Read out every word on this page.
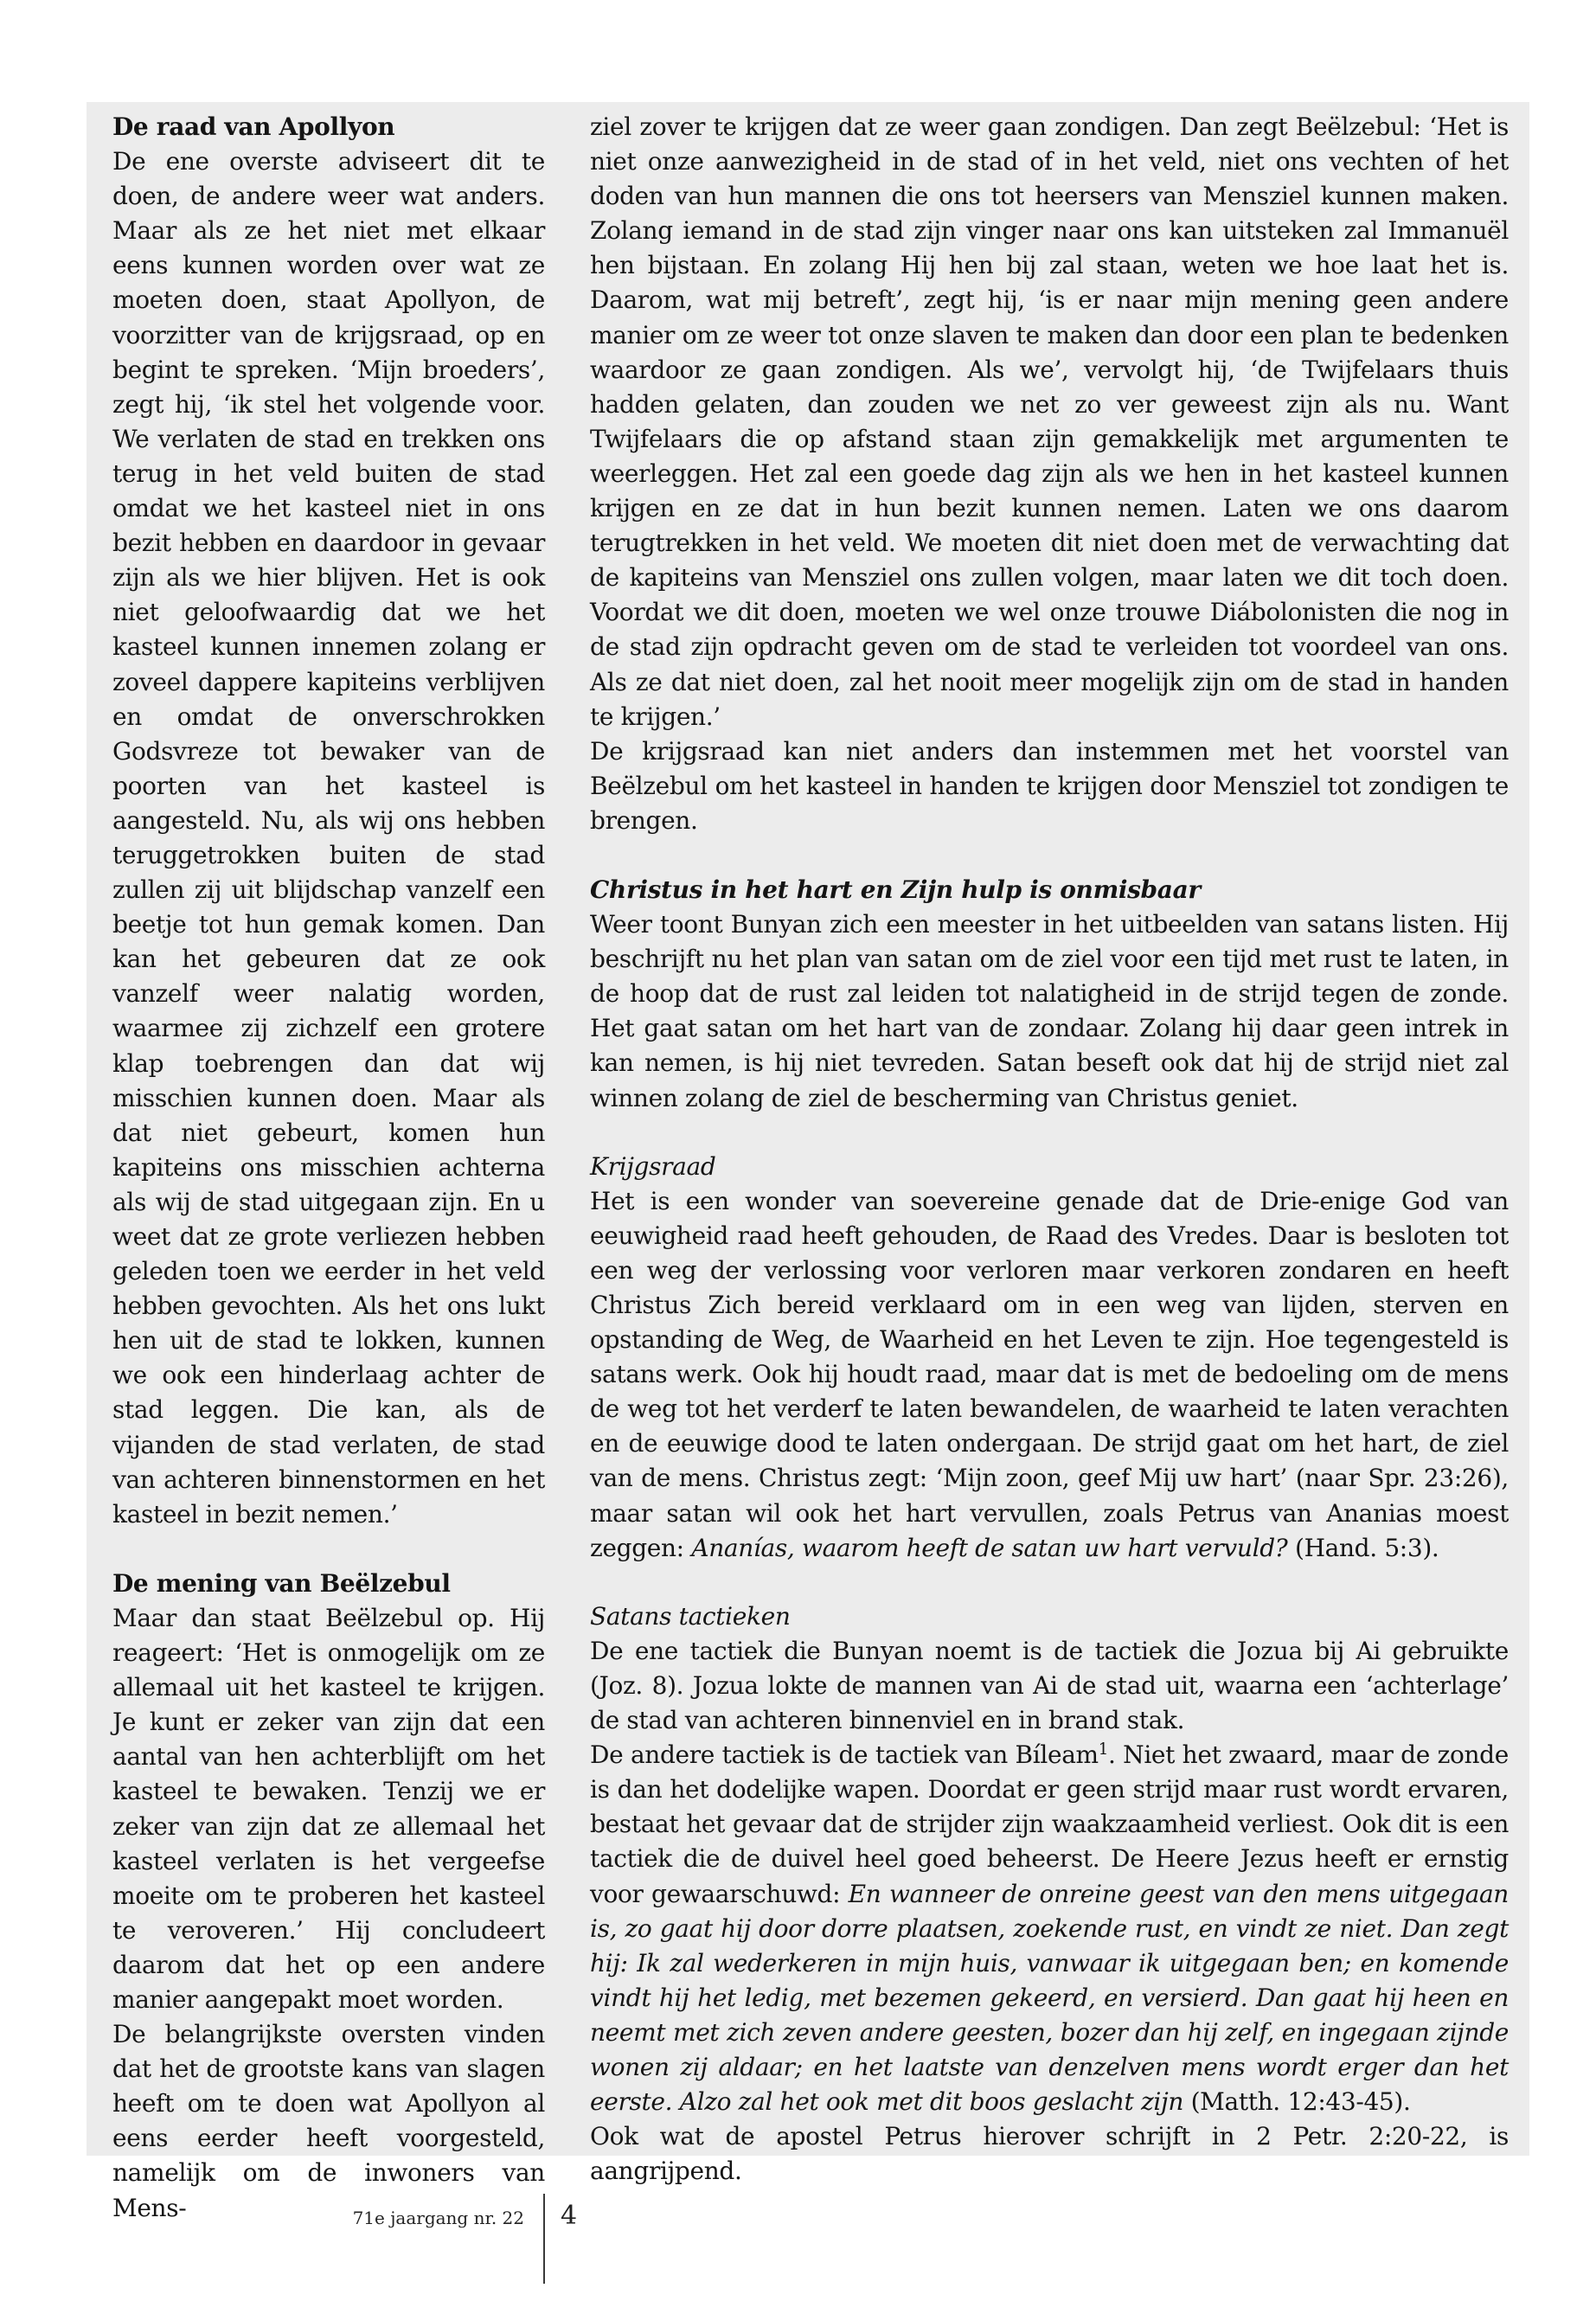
De raad van Apollyon

De ene overste adviseert dit te doen, de andere weer wat anders. Maar als ze het niet met elkaar eens kunnen worden over wat ze moeten doen, staat Apollyon, de voorzitter van de krijgsraad, op en begint te spreken. ‘Mijn broeders’, zegt hij, ‘ik stel het volgende voor. We verlaten de stad en trekken ons terug in het veld buiten de stad omdat we het kasteel niet in ons bezit hebben en daardoor in gevaar zijn als we hier blijven. Het is ook niet geloofwaardig dat we het kasteel kunnen innemen zolang er zoveel dappere kapiteins verblijven en omdat de onverschrokken Godsvreze tot bewaker van de poorten van het kasteel is aangesteld. Nu, als wij ons hebben teruggetrokken buiten de stad zullen zij uit blijdschap vanzelf een beetje tot hun gemak komen. Dan kan het gebeuren dat ze ook vanzelf weer nalatig worden, waarmee zij zichzelf een grotere klap toebrengen dan dat wij misschien kunnen doen. Maar als dat niet gebeurt, komen hun kapiteins ons misschien achterna als wij de stad uitgegaan zijn. En u weet dat ze grote verliezen hebben geleden toen we eerder in het veld hebben gevochten. Als het ons lukt hen uit de stad te lokken, kunnen we ook een hinderlaag achter de stad leggen. Die kan, als de vijanden de stad verlaten, de stad van achteren binnenstormen en het kasteel in bezit nemen.’

De mening van Beëlzebul

Maar dan staat Beëlzebul op. Hij reageert: ‘Het is onmogelijk om ze allemaal uit het kasteel te krijgen. Je kunt er zeker van zijn dat een aantal van hen achterblijft om het kasteel te bewaken. Tenzij we er zeker van zijn dat ze allemaal het kasteel verlaten is het vergeefse moeite om te proberen het kasteel te veroveren.’ Hij concludeert daarom dat het op een andere manier aangepakt moet worden.

De belangrijkste oversten vinden dat het de grootste kans van slagen heeft om te doen wat Apollyon al eens eerder heeft voorgesteld, namelijk om de inwoners van Mens-

ziel zover te krijgen dat ze weer gaan zondigen. Dan zegt Beëlzebul: ‘Het is niet onze aanwezigheid in de stad of in het veld, niet ons vechten of het doden van hun mannen die ons tot heersers van Mensziel kunnen maken. Zolang iemand in de stad zijn vinger naar ons kan uitsteken zal Immanuël hen bijstaan. En zolang Hij hen bij zal staan, weten we hoe laat het is. Daarom, wat mij betreft’, zegt hij, ‘is er naar mijn mening geen andere manier om ze weer tot onze slaven te maken dan door een plan te bedenken waardoor ze gaan zondigen. Als we’, vervolgt hij, ‘de Twijfelaars thuis hadden gelaten, dan zouden we net zo ver geweest zijn als nu. Want Twijfelaars die op afstand staan zijn gemakkelijk met argumenten te weerleggen. Het zal een goede dag zijn als we hen in het kasteel kunnen krijgen en ze dat in hun bezit kunnen nemen. Laten we ons daarom terugtrekken in het veld. We moeten dit niet doen met de verwachting dat de kapiteins van Mensziel ons zullen volgen, maar laten we dit toch doen. Voordat we dit doen, moeten we wel onze trouwe Diábolonisten die nog in de stad zijn opdracht geven om de stad te verleiden tot voordeel van ons. Als ze dat niet doen, zal het nooit meer mogelijk zijn om de stad in handen te krijgen.’

De krijgsraad kan niet anders dan instemmen met het voorstel van Beëlzebul om het kasteel in handen te krijgen door Mensziel tot zondigen te brengen.

Christus in het hart en Zijn hulp is onmisbaar

Weer toont Bunyan zich een meester in het uitbeelden van satans listen. Hij beschrijft nu het plan van satan om de ziel voor een tijd met rust te laten, in de hoop dat de rust zal leiden tot nalatigheid in de strijd tegen de zonde. Het gaat satan om het hart van de zondaar. Zolang hij daar geen intrek in kan nemen, is hij niet tevreden. Satan beseft ook dat hij de strijd niet zal winnen zolang de ziel de bescherming van Christus geniet.

Krijgsraad

Het is een wonder van soevereine genade dat de Drie-enige God van eeuwigheid raad heeft gehouden, de Raad des Vredes. Daar is besloten tot een weg der verlossing voor verloren maar verkoren zondaren en heeft Christus Zich bereid verklaard om in een weg van lijden, sterven en opstanding de Weg, de Waarheid en het Leven te zijn. Hoe tegengesteld is satans werk. Ook hij houdt raad, maar dat is met de bedoeling om de mens de weg tot het verderf te laten bewandelen, de waarheid te laten verachten en de eeuwige dood te laten ondergaan. De strijd gaat om het hart, de ziel van de mens. Christus zegt: ‘Mijn zoon, geef Mij uw hart’ (naar Spr. 23:26), maar satan wil ook het hart vervullen, zoals Petrus van Ananias moest zeggen: Ananías, waarom heeft de satan uw hart vervuld? (Hand. 5:3).

Satans tactieken

De ene tactiek die Bunyan noemt is de tactiek die Jozua bij Ai gebruikte (Joz. 8). Jozua lokte de mannen van Ai de stad uit, waarna een ‘achterlage’ de stad van achteren binnenviel en in brand stak.

De andere tactiek is de tactiek van Bíleam$^1$. Niet het zwaard, maar de zonde is dan het dodelijke wapen. Doordat er geen strijd maar rust wordt ervaren, bestaat het gevaar dat de strijder zijn waakzaamheid verliest. Ook dit is een tactiek die de duivel heel goed beheerst. De Heere Jezus heeft er ernstig voor gewaarschuwd: En wanneer de onreine geest van den mens uitgegaan is, zo gaat hij door dorre plaatsen, zoekende rust, en vindt ze niet. Dan zegt hij: Ik zal wederkeren in mijn huis, vanwaar ik uitgegaan ben; en komende vindt hij het ledig, met bezemen gekeerd, en versierd. Dan gaat hij heen en neemt met zich zeven andere geesten, bozer dan hij zelf, en ingegaan zijnde wonen zij aldaar; en het laatste van denzelven mens wordt erger dan het eerste. Alzo zal het ook met dit boos geslacht zijn (Matth. 12:43-45).

Ook wat de apostel Petrus hierover schrijft in 2 Petr. 2:20-22, is aangrijpend.

71e jaargang nr. 22 4
